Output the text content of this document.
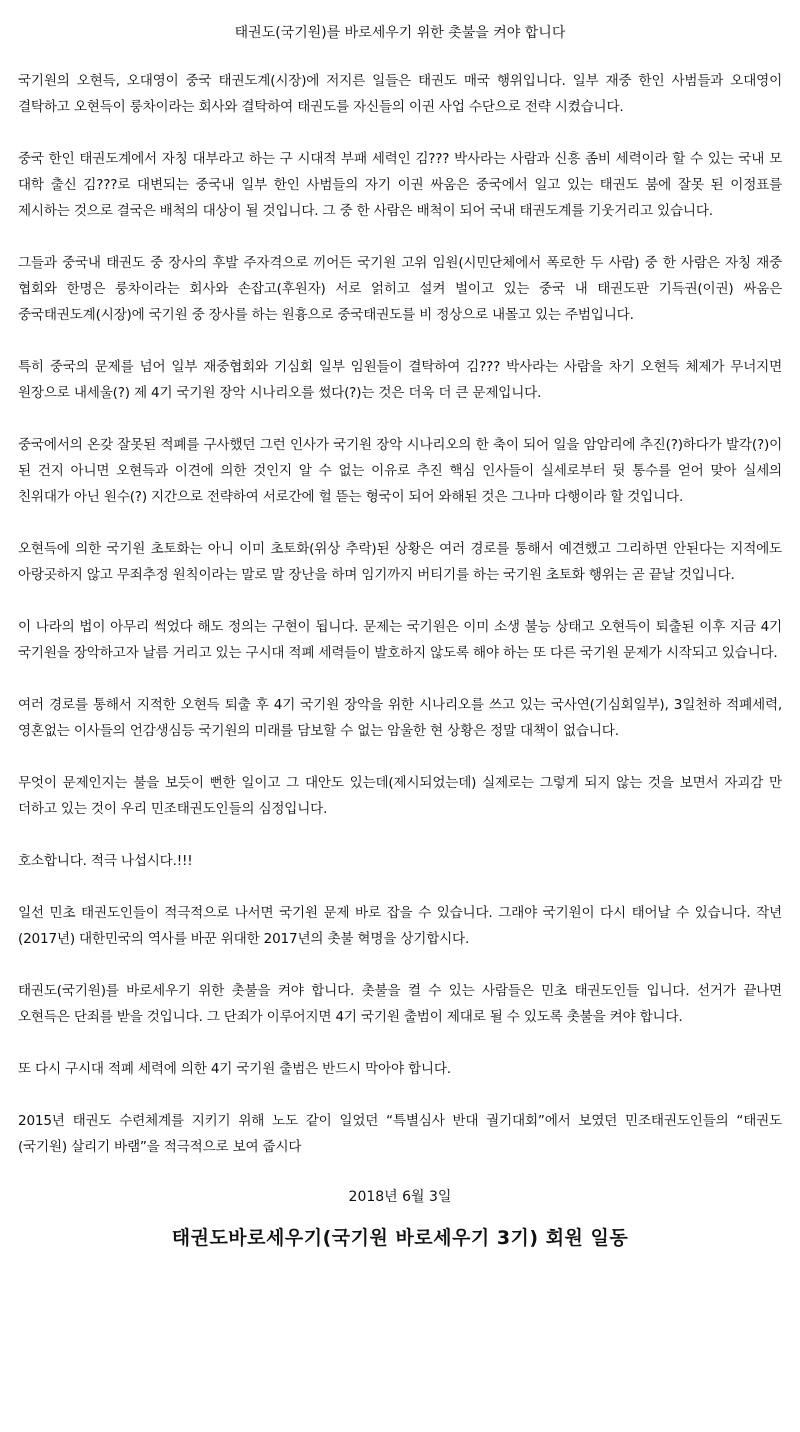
태권도(국기원)를 바로세우기 위한 촛불을 켜야 합니다
국기원의 오현득, 오대영이 중국 태권도계(시장)에 저지른 일들은 태권도 매국 행위입니다. 일부 재중 한인 사범들과 오대영이 결탁하고 오현득이 룽차이라는 회사와 결탁하여 태권도를 자신들의 이권 사업 수단으로 전략 시켰습니다.
중국 한인 태권도계에서 자칭 대부라고 하는 구 시대적 부패 세력인 김??? 박사라는 사람과 신흥 좀비 세력이라 할 수 있는 국내 모 대학 출신 김???로 대변되는 중국내 일부 한인 사범들의 자기 이권 싸움은 중국에서 일고 있는 태권도 붐에 잘못 된 이정표를 제시하는 것으로 결국은 배척의 대상이 될 것입니다. 그 중 한 사람은 배척이 되어 국내 태권도계를 기웃거리고 있습니다.
그들과 중국내 태권도 중 장사의 후발 주자격으로 끼어든 국기원 고위 임원(시민단체에서 폭로한 두 사람) 중 한 사람은 자칭 재중 협회와 한명은 룽차이라는 회사와 손잡고(후원자) 서로 얽히고 설켜 벌이고 있는 중국 내 태권도판 기득권(이권) 싸움은 중국태권도계(시장)에 국기원 중 장사를 하는 원흉으로 중국태권도를 비 정상으로 내몰고 있는 주범입니다.
특히 중국의 문제를 넘어 일부 재중협회와 기심회 일부 임원들이 결탁하여 김??? 박사라는 사람을 차기 오현득 체제가 무너지면 원장으로 내세울(?) 제 4기 국기원 장악 시나리오를 썼다(?)는 것은 더욱 더 큰 문제입니다.
중국에서의 온갖 잘못된 적폐를 구사했던 그런 인사가 국기원 장악 시나리오의 한 축이 되어 일을 암암리에 추진(?)하다가 발각(?)이 된 건지 아니면 오현득과 이견에 의한 것인지 알 수 없는 이유로 추진 핵심 인사들이 실세로부터 뒷 통수를 얻어 맞아 실세의 친위대가 아닌 원수(?) 지간으로 전략하여 서로간에 헐 뜯는 형국이 되어 와해된 것은 그나마 다행이라 할 것입니다.
오현득에 의한 국기원 초토화는 아니 이미 초토화(위상 추락)된 상황은 여러 경로를 통해서 예견했고 그리하면 안된다는 지적에도 아랑곳하지 않고 무죄추정 원칙이라는 말로 말 장난을 하며 임기까지 버티기를 하는 국기원 초토화 행위는 곧 끝날 것입니다.
이 나라의 법이 아무리 썩었다 해도 정의는 구현이 됩니다. 문제는 국기원은 이미 소생 불능 상태고 오현득이 퇴출된 이후 지금 4기 국기원을 장악하고자 날름 거리고 있는 구시대 적폐 세력들이 발호하지 않도록 해야 하는 또 다른 국기원 문제가 시작되고 있습니다.
여러 경로를 통해서 지적한 오현득 퇴출 후 4기 국기원 장악을 위한 시나리오를 쓰고 있는 국사연(기심회일부), 3일천하 적폐세력, 영혼없는 이사들의 언감생심등 국기원의 미래를 담보할 수 없는 암울한 현 상황은 정말 대책이 없습니다.
무엇이 문제인지는 불을 보듯이 뻔한 일이고 그 대안도 있는데(제시되었는데) 실제로는 그렇게 되지 않는 것을 보면서 자괴감 만 더하고 있는 것이 우리 민조태권도인들의 심정입니다.
호소합니다. 적극 나섭시다.!!!
일선 민초 태권도인들이 적극적으로 나서면 국기원 문제 바로 잡을 수 있습니다. 그래야 국기원이 다시 태어날 수 있습니다. 작년(2017년) 대한민국의 역사를 바꾼 위대한 2017년의 촛불 혁명을 상기합시다.
태권도(국기원)를 바로세우기 위한 촛불을 켜야 합니다. 촛불을 켤 수 있는 사람들은 민초 태권도인들 입니다. 선거가 끝나면 오현득은 단죄를 받을 것입니다. 그 단죄가 이루어지면 4기 국기원 출범이 제대로 될 수 있도록 촛불을 켜야 합니다.
또 다시 구시대 적폐 세력에 의한 4기 국기원 출범은 반드시 막아야 합니다.
2015년 태권도 수련체계를 지키기 위해 노도 같이 일었던 “특별심사 반대 궐기대회”에서 보였던 민조태권도인들의 “태권도(국기원) 살리기 바램”을 적극적으로 보여 줍시다
2018년 6월 3일
태권도바로세우기(국기원 바로세우기 3기) 회원 일동
